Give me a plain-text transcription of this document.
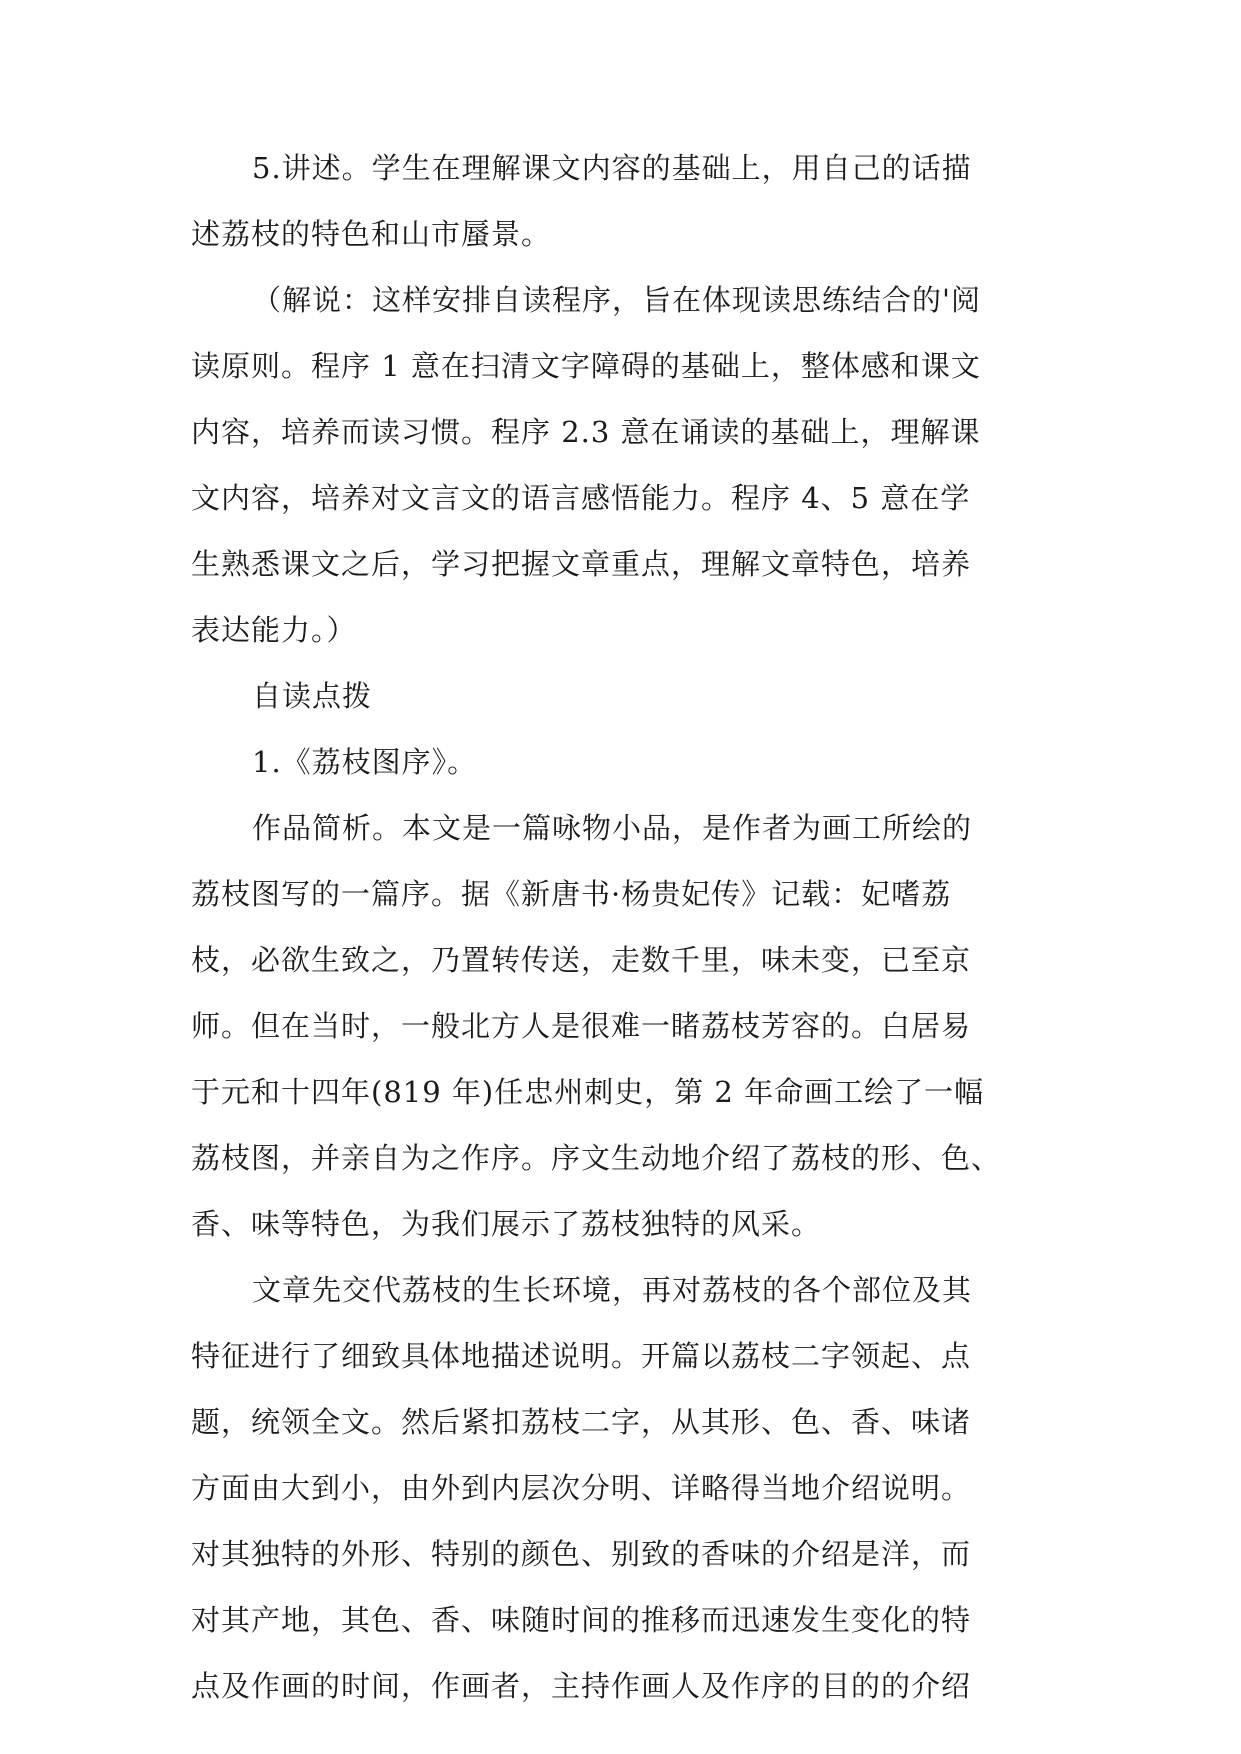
5.讲述。学生在理解课文内容的基础上，用自己的话描
述荔枝的特色和山市蜃景。
（解说：这样安排自读程序，旨在体现读思练结合的'阅
读原则。程序 1 意在扫清文字障碍的基础上，整体感和课文
内容，培养而读习惯。程序 2.3 意在诵读的基础上，理解课
文内容，培养对文言文的语言感悟能力。程序 4、5 意在学
生熟悉课文之后，学习把握文章重点，理解文章特色，培养
表达能力。）
自读点拨
1.《荔枝图序》。
作品简析。本文是一篇咏物小品，是作者为画工所绘的
荔枝图写的一篇序。据《新唐书·杨贵妃传》记载：妃嗜荔
枝，必欲生致之，乃置转传送，走数千里，味未变，已至京
师。但在当时，一般北方人是很难一睹荔枝芳容的。白居易
于元和十四年(819 年)任忠州刺史，第 2 年命画工绘了一幅
荔枝图，并亲自为之作序。序文生动地介绍了荔枝的形、色、
香、味等特色，为我们展示了荔枝独特的风采。
文章先交代荔枝的生长环境，再对荔枝的各个部位及其
特征进行了细致具体地描述说明。开篇以荔枝二字领起、点
题，统领全文。然后紧扣荔枝二字，从其形、色、香、味诸
方面由大到小，由外到内层次分明、详略得当地介绍说明。
对其独特的外形、特别的颜色、别致的香味的介绍是洋，而
对其产地，其色、香、味随时间的推移而迅速发生变化的特
点及作画的时间，作画者，主持作画人及作序的目的的介绍
